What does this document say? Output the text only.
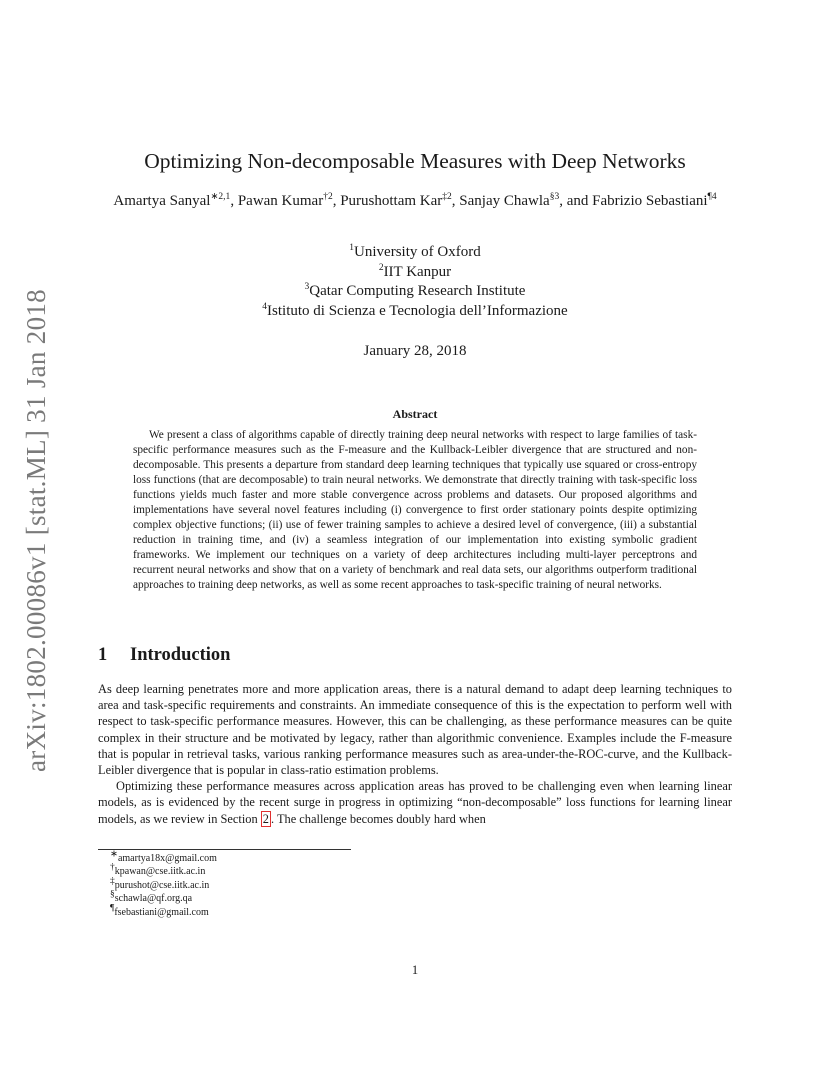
arXiv:1802.00086v1 [stat.ML] 31 Jan 2018
Optimizing Non-decomposable Measures with Deep Networks
Amartya Sanyal$^{∗2,1}$, Pawan Kumar$^{\dagger 2}$, Purushottam Kar$^{\ddagger 2}$, Sanjay Chawla$^{\S 3}$, and Fabrizio Sebastiani$^{\P 4}$
$^1$University of Oxford
$^2$IIT Kanpur
$^3$Qatar Computing Research Institute
$^4$Istituto di Scienza e Tecnologia dell’Informazione
January 28, 2018
Abstract

We present a class of algorithms capable of directly training deep neural networks with respect to large families of task-specific performance measures such as the F-measure and the Kullback-Leibler divergence that are structured and non-decomposable. This presents a departure from standard deep learning techniques that typically use squared or cross-entropy loss functions (that are decomposable) to train neural networks. We demonstrate that directly training with task-specific loss functions yields much faster and more stable convergence across problems and datasets. Our proposed algorithms and implementations have several novel features including (i) convergence to first order stationary points despite optimizing complex objective functions; (ii) use of fewer training samples to achieve a desired level of convergence, (iii) a substantial reduction in training time, and (iv) a seamless integration of our implementation into existing symbolic gradient frameworks. We implement our techniques on a variety of deep architectures including multi-layer perceptrons and recurrent neural networks and show that on a variety of benchmark and real data sets, our algorithms outperform traditional approaches to training deep networks, as well as some recent approaches to task-specific training of neural networks.

1 Introduction

As deep learning penetrates more and more application areas, there is a natural demand to adapt deep learning techniques to area and task-specific requirements and constraints. An immediate consequence of this is the expectation to perform well with respect to task-specific performance measures. However, this can be challenging, as these performance measures can be quite complex in their structure and be motivated by legacy, rather than algorithmic convenience. Examples include the F-measure that is popular in retrieval tasks, various ranking performance measures such as area-under-the-ROC-curve, and the Kullback-Leibler divergence that is popular in class-ratio estimation problems.

Optimizing these performance measures across application areas has proved to be challenging even when learning linear models, as is evidenced by the recent surge in progress in optimizing “non-decomposable” loss functions for learning linear models, as we review in Section 2 . The challenge becomes doubly hard when

∗amartya18x@gmail.com
†kpawan@cse.iitk.ac.in
‡purushot@cse.iitk.ac.in
§schawla@qf.org.qa
¶fsebastiani@gmail.com
1
